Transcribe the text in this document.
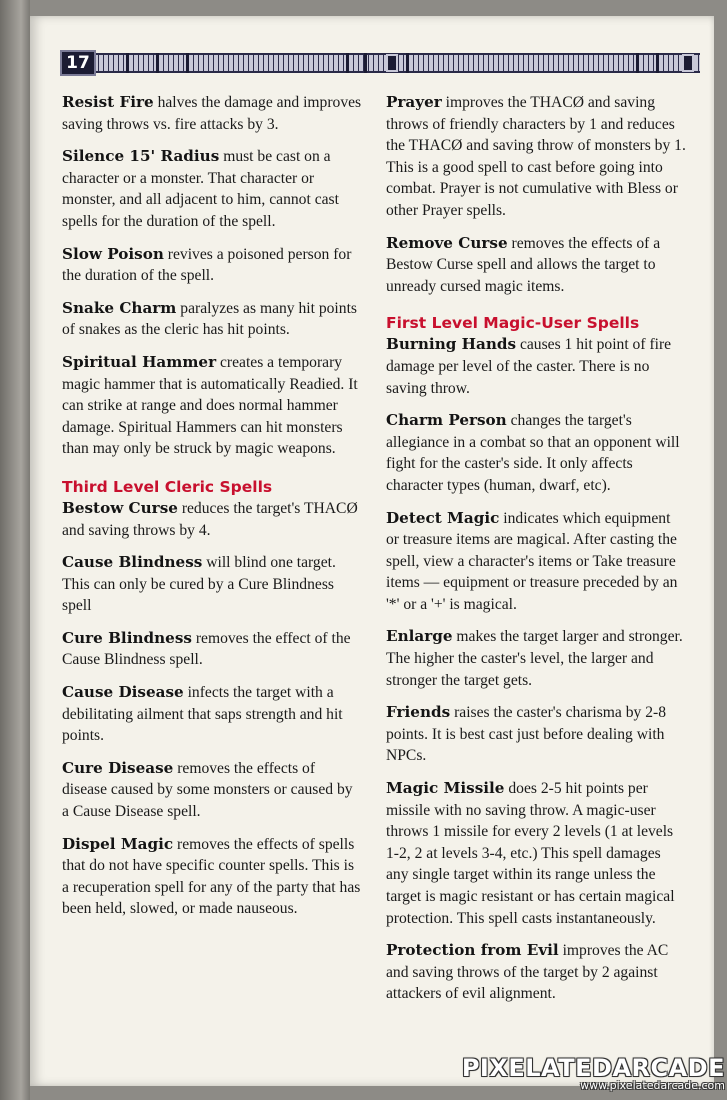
17
Resist Fire halves the damage and improves saving throws vs. fire attacks by 3.
Silence 15' Radius must be cast on a character or a monster. That character or monster, and all adjacent to him, cannot cast spells for the duration of the spell.
Slow Poison revives a poisoned person for the duration of the spell.
Snake Charm paralyzes as many hit points of snakes as the cleric has hit points.
Spiritual Hammer creates a temporary magic hammer that is automatically Readied. It can strike at range and does normal hammer damage. Spiritual Hammers can hit monsters than may only be struck by magic weapons.
Third Level Cleric Spells
Bestow Curse reduces the target's THACØ and saving throws by 4.
Cause Blindness will blind one target. This can only be cured by a Cure Blindness spell
Cure Blindness removes the effect of the Cause Blindness spell.
Cause Disease infects the target with a debilitating ailment that saps strength and hit points.
Cure Disease removes the effects of disease caused by some monsters or caused by a Cause Disease spell.
Dispel Magic removes the effects of spells that do not have specific counter spells. This is a recuperation spell for any of the party that has been held, slowed, or made nauseous.
Prayer improves the THACØ and saving throws of friendly characters by 1 and reduces the THACØ and saving throw of monsters by 1. This is a good spell to cast before going into combat. Prayer is not cumulative with Bless or other Prayer spells.
Remove Curse removes the effects of a Bestow Curse spell and allows the target to unready cursed magic items.
First Level Magic-User Spells
Burning Hands causes 1 hit point of fire damage per level of the caster. There is no saving throw.
Charm Person changes the target's allegiance in a combat so that an opponent will fight for the caster's side. It only affects character types (human, dwarf, etc).
Detect Magic indicates which equipment or treasure items are magical. After casting the spell, view a character's items or Take treasure items — equipment or treasure preceded by an '*' or a '+' is magical.
Enlarge makes the target larger and stronger. The higher the caster's level, the larger and stronger the target gets.
Friends raises the caster's charisma by 2-8 points. It is best cast just before dealing with NPCs.
Magic Missile does 2-5 hit points per missile with no saving throw. A magic-user throws 1 missile for every 2 levels (1 at levels 1-2, 2 at levels 3-4, etc.) This spell damages any single target within its range unless the target is magic resistant or has certain magical protection. This spell casts instantaneously.
Protection from Evil improves the AC and saving throws of the target by 2 against attackers of evil alignment.
PIXELATEDARCADE
www.pixelatedarcade.com
